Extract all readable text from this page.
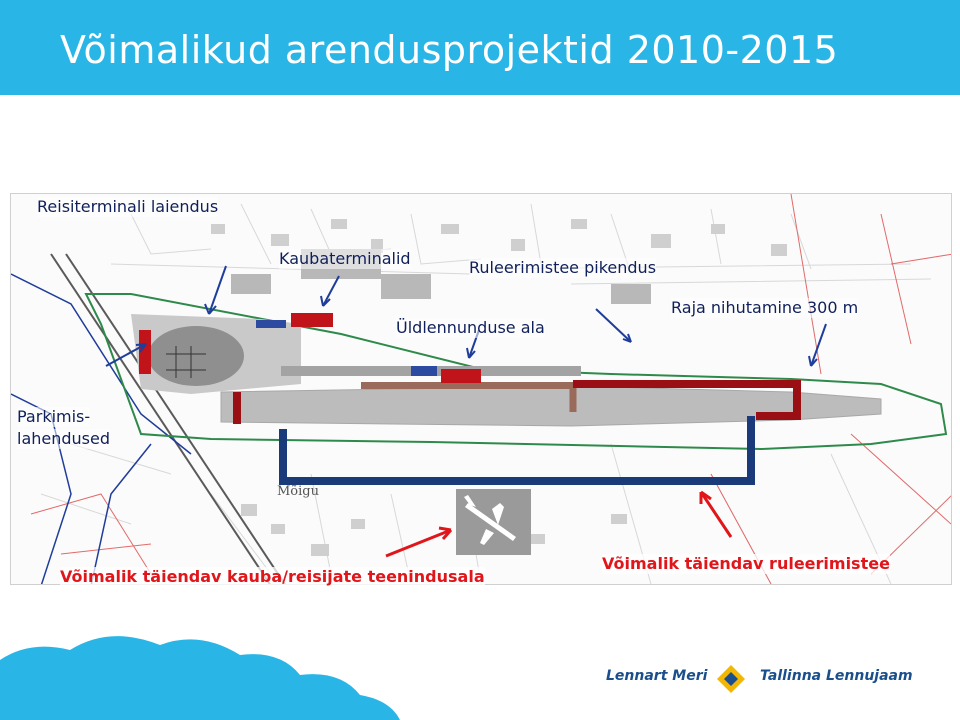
Võimalikud arendusprojektid 2010-2015
Reisiterminali laiendus
Kaubaterminalid	Ruleerimistee pikendus
Üldlennunduse ala
Raja nihutamine 300 m
Parkimis-
lahendused
Mõigu
Võimalik täiendav kauba/reisijate teenindusala
Võimalik täiendav ruleerimistee
Lennart Meri	Tallinna Lennujaam
